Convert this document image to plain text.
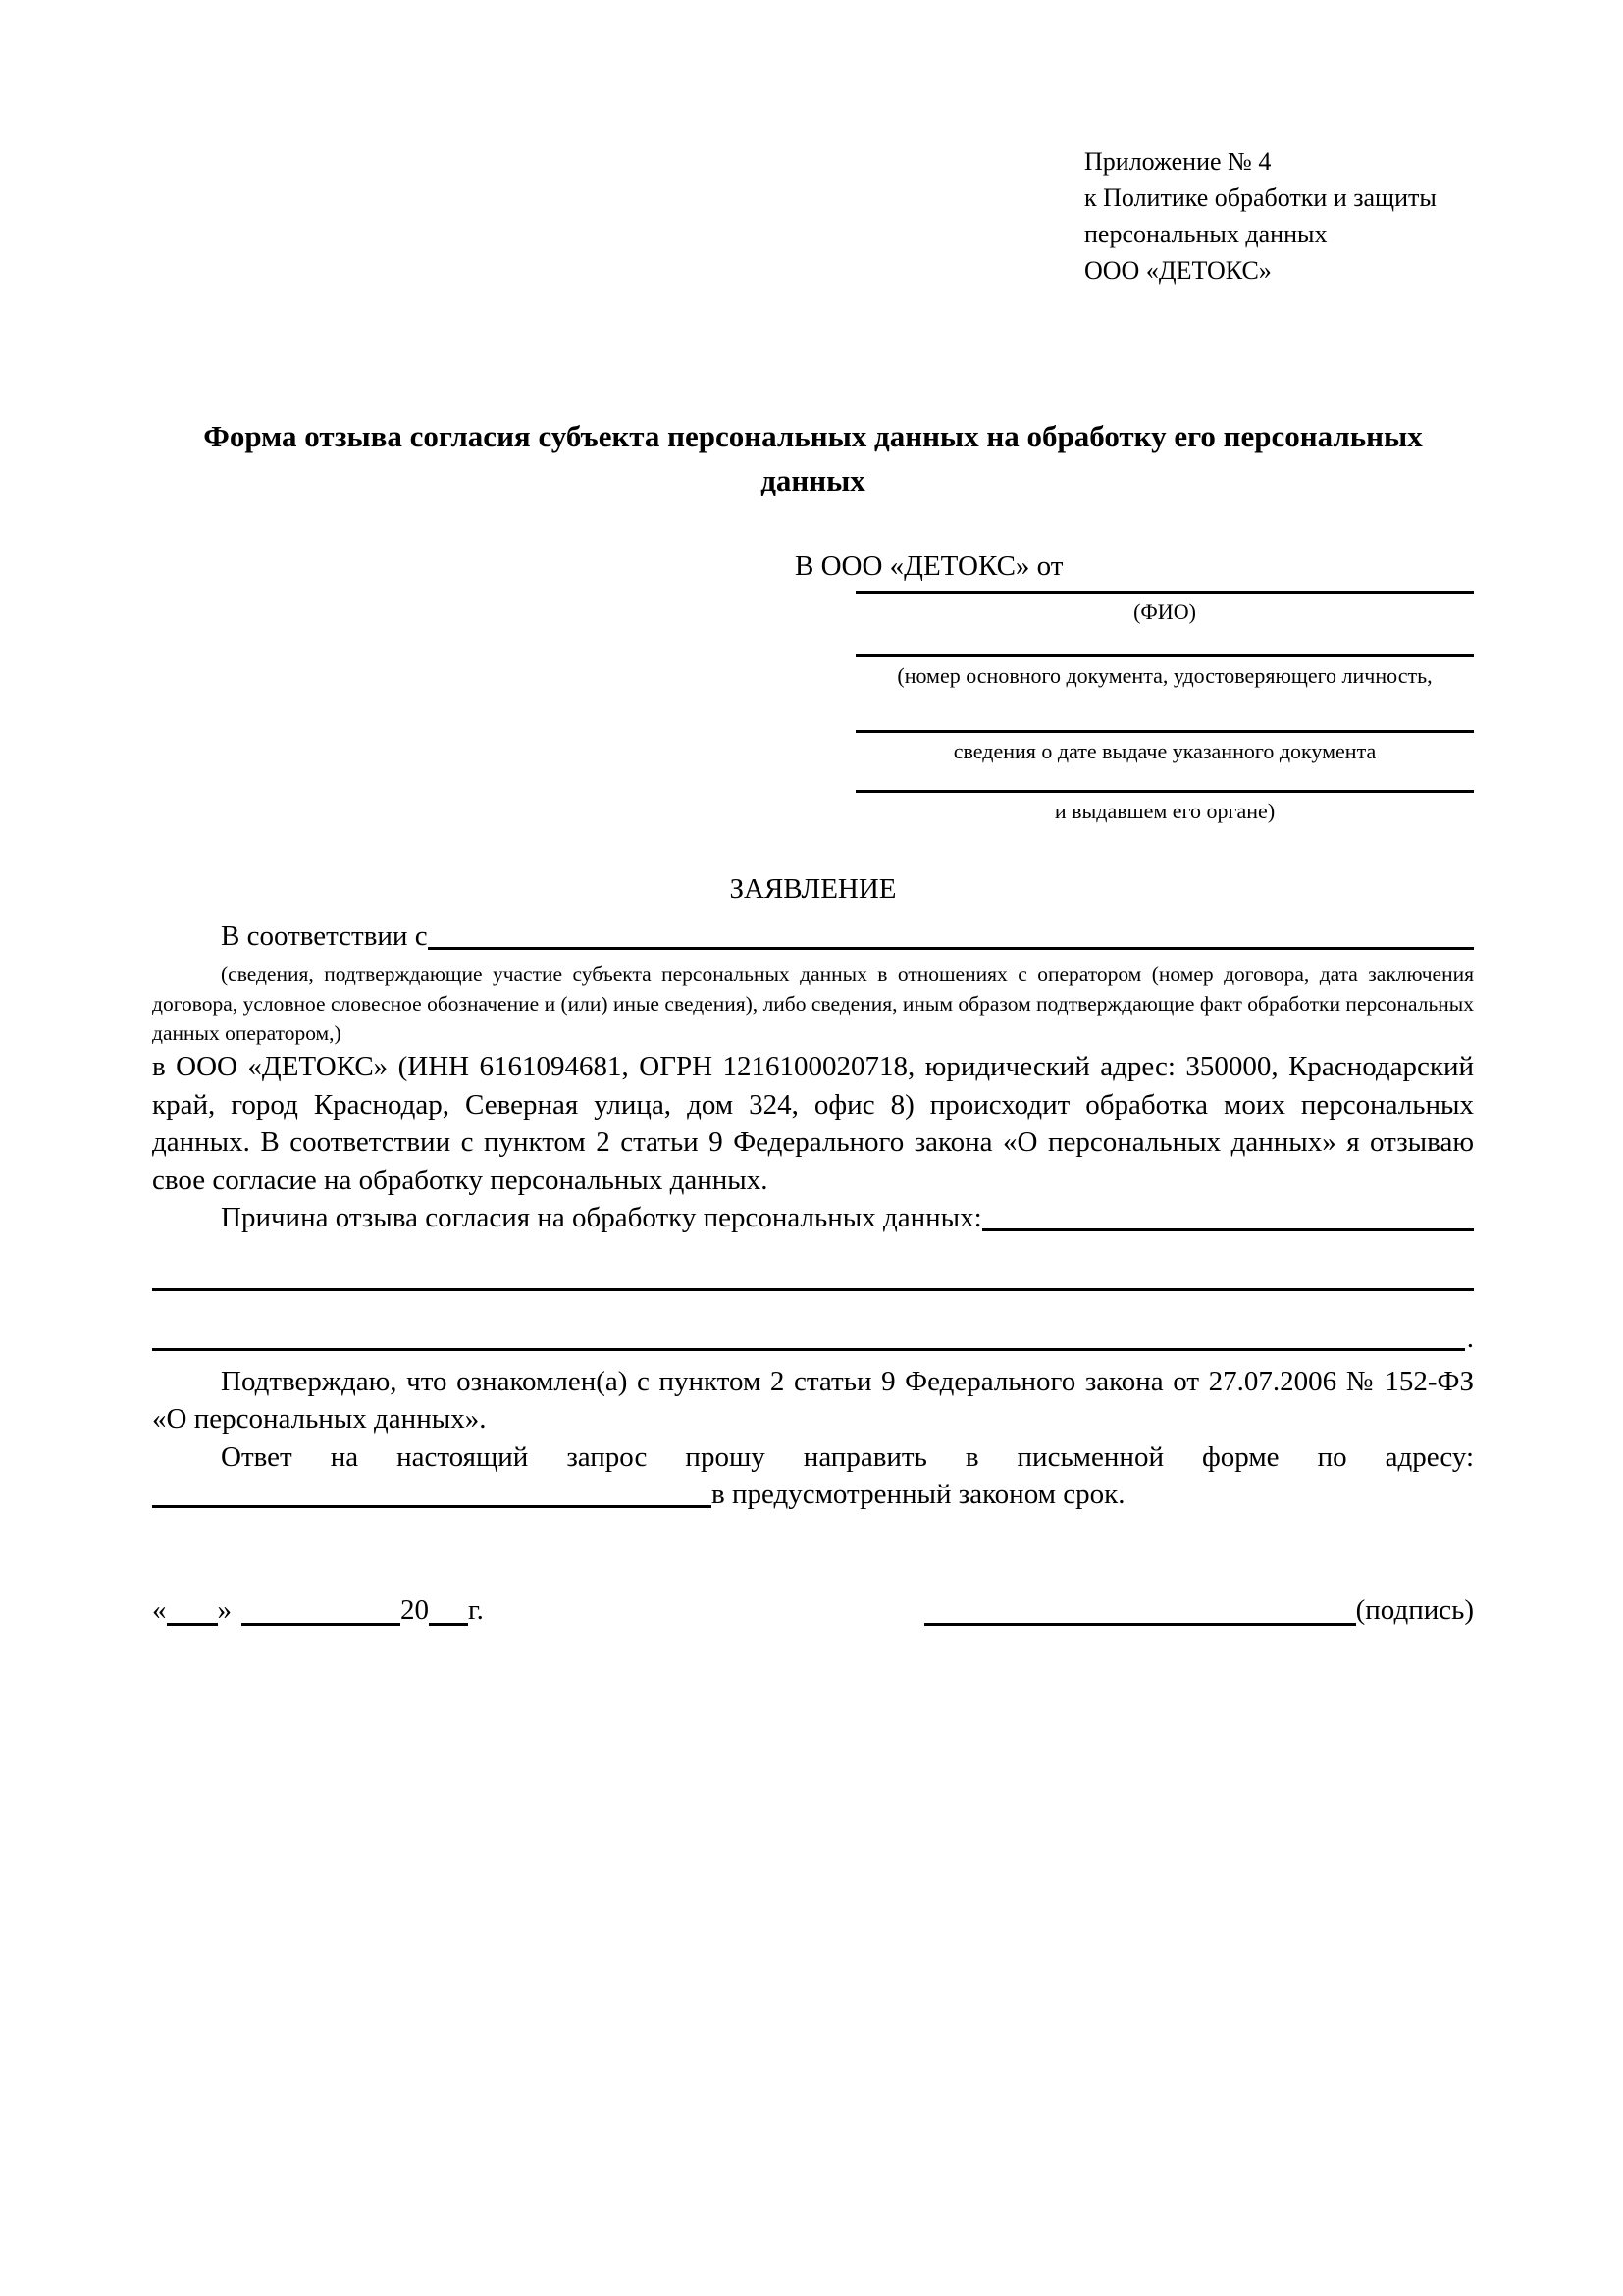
Приложение № 4
к Политике обработки и защиты
персональных данных
ООО «ДЕТОКС»
Форма отзыва согласия субъекта персональных данных на обработку его персональных данных
В ООО «ДЕТОКС» от
(ФИО)
(номер основного документа, удостоверяющего личность,
сведения о дате выдаче указанного документа
и выдавшем его органе)
ЗАЯВЛЕНИЕ
В соответствии с
(сведения, подтверждающие участие субъекта персональных данных в отношениях с оператором (номер договора, дата заключения договора, условное словесное обозначение и (или) иные сведения), либо сведения, иным образом подтверждающие факт обработки персональных данных оператором,)
в ООО «ДЕТОКС» (ИНН 6161094681, ОГРН 1216100020718, юридический адрес: 350000, Краснодарский край, город Краснодар, Северная улица, дом 324, офис 8) происходит обработка моих персональных данных. В соответствии с пунктом 2 статьи 9 Федерального закона «О персональных данных» я отзываю свое согласие на обработку персональных данных.
Причина отзыва согласия на обработку персональных данных:
.
Подтверждаю, что ознакомлен(а) с пунктом 2 статьи 9 Федерального закона от 27.07.2006 № 152-ФЗ «О персональных данных».
Ответ на настоящий запрос прошу направить в письменной форме по адресу:
в предусмотренный законом срок.
« »	20 г.	(подпись)
